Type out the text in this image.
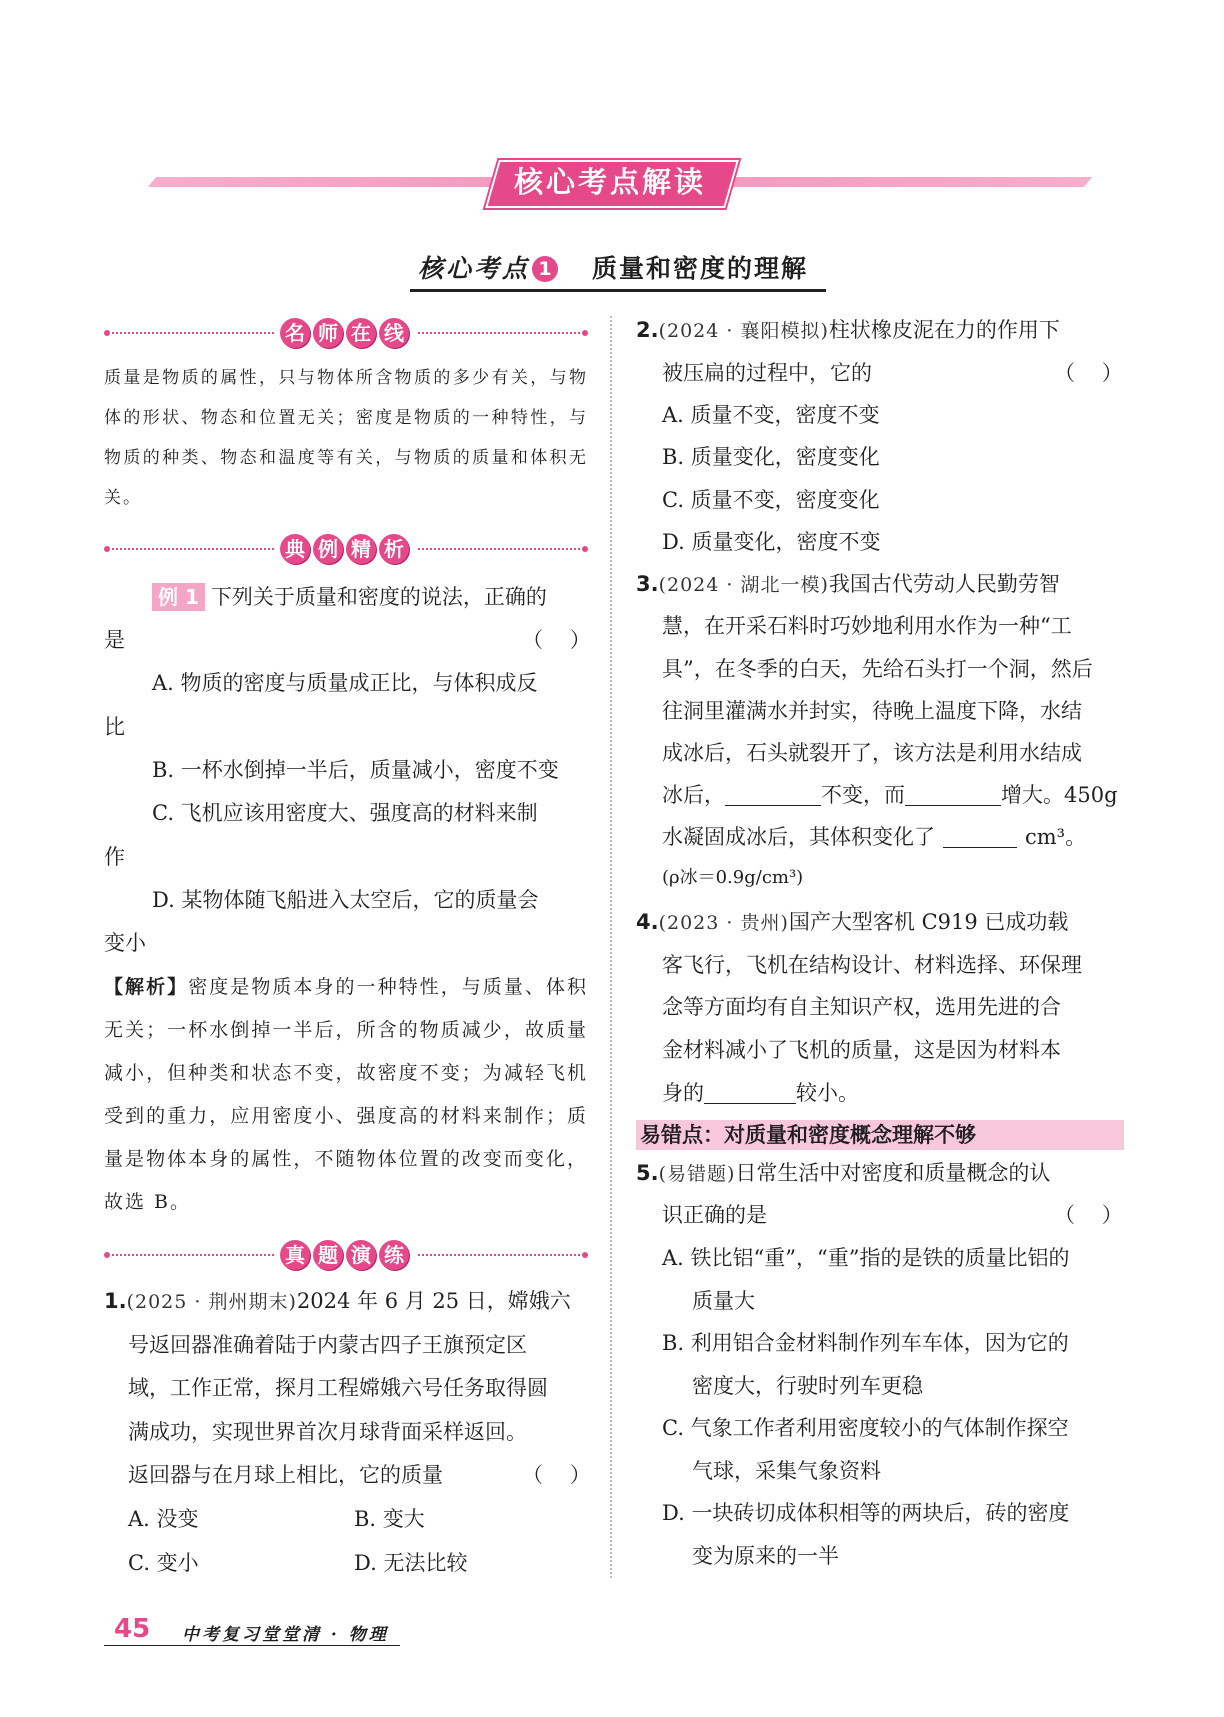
核心考点解读
核心考点 1 质量和密度的理解
名 师 在 线
质量是物质的属性，只与物体所含物质的多少有关，与物体的形状、物态和位置无关；密度是物质的一种特性，与物质的种类、物态和温度等有关，与物质的质量和体积无关。
典 例 精 析
例 1 下列关于质量和密度的说法，正确的
是	（    ）
A. 物质的密度与质量成正比，与体积成反
比
B. 一杯水倒掉一半后，质量减小，密度不变
C. 飞机应该用密度大、强度高的材料来制
作
D. 某物体随飞船进入太空后，它的质量会
变小
【解析】密度是物质本身的一种特性，与质量、体积无关；一杯水倒掉一半后，所含的物质减少，故质量减小，但种类和状态不变，故密度不变；为减轻飞机受到的重力，应用密度小、强度高的材料来制作；质量是物体本身的属性，不随物体位置的改变而变化，故选 B。
真 题 演 练
1.(2025 · 荆州期末)2024 年 6 月 25 日，嫦娥六
号返回器准确着陆于内蒙古四子王旗预定区
域，工作正常，探月工程嫦娥六号任务取得圆
满成功，实现世界首次月球背面采样返回。
返回器与在月球上相比，它的质量	（    ）
A. 没变	B. 变大
C. 变小	D. 无法比较
2.(2024 · 襄阳模拟)柱状橡皮泥在力的作用下
被压扁的过程中，它的	（    ）
A. 质量不变，密度不变
B. 质量变化，密度变化
C. 质量不变，密度变化
D. 质量变化，密度不变
3.(2024 · 湖北一模)我国古代劳动人民勤劳智
慧，在开采石料时巧妙地利用水作为一种“工
具”，在冬季的白天，先给石头打一个洞，然后
往洞里灌满水并封实，待晚上温度下降，水结
成冰后，石头就裂开了，该方法是利用水结成
冰后，	不变，而	增大。450g
水凝固成冰后，其体积变化了	cm³。
(ρ冰＝0.9g/cm³)
4.(2023 · 贵州)国产大型客机 C919 已成功载
客飞行，飞机在结构设计、材料选择、环保理
念等方面均有自主知识产权，选用先进的合
金材料减小了飞机的质量，这是因为材料本
身的	较小。
易错点：对质量和密度概念理解不够
5.(易错题)日常生活中对密度和质量概念的认
识正确的是	（    ）
A. 铁比铝“重”，“重”指的是铁的质量比铝的
质量大
B. 利用铝合金材料制作列车车体，因为它的
密度大，行驶时列车更稳
C. 气象工作者利用密度较小的气体制作探空
气球，采集气象资料
D. 一块砖切成体积相等的两块后，砖的密度
变为原来的一半
45 中考复习堂堂清 · 物理
